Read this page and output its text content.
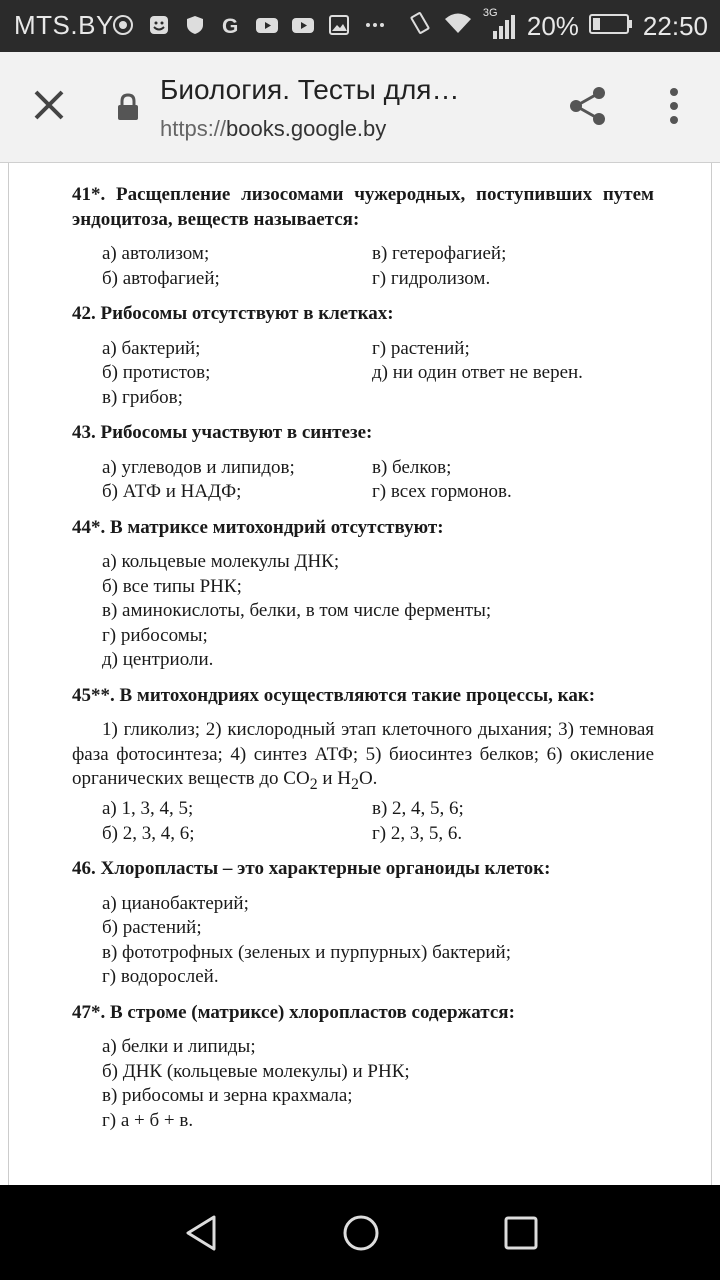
MTS.BY	G
3G 20% 22:50
Биология. Тесты для…
https://books.google.by
41*. Расщепление лизосомами чужеродных, поступивших путем эндоцитоза, веществ называется:
а) автолизом;	в) гетерофагией;
б) автофагией;	г) гидролизом.
42. Рибосомы отсутствуют в клетках:
а) бактерий;	г) растений;
б) протистов;	д) ни один ответ не верен.
в) грибов;
43. Рибосомы участвуют в синтезе:
а) углеводов и липидов;	в) белков;
б) АТФ и НАДФ;	г) всех гормонов.
44*. В матриксе митохондрий отсутствуют:
а) кольцевые молекулы ДНК;
б) все типы РНК;
в) аминокислоты, белки, в том числе ферменты;
г) рибосомы;
д) центриоли.
45**. В митохондриях осуществляются такие процессы, как:
1) гликолиз; 2) кислородный этап клеточного дыхания; 3) темновая фаза фотосинтеза; 4) синтез АТФ; 5) биосинтез белков; 6) окисление органических веществ до $CO_2$ и $H_2O$.
а) 1, 3, 4, 5;	в) 2, 4, 5, 6;
б) 2, 3, 4, 6;	г) 2, 3, 5, 6.
46. Хлоропласты – это характерные органоиды клеток:
а) цианобактерий;
б) растений;
в) фототрофных (зеленых и пурпурных) бактерий;
г) водорослей.
47*. В строме (матриксе) хлоропластов содержатся:
а) белки и липиды;
б) ДНК (кольцевые молекулы) и РНК;
в) рибосомы и зерна крахмала;
г) а + б + в.
